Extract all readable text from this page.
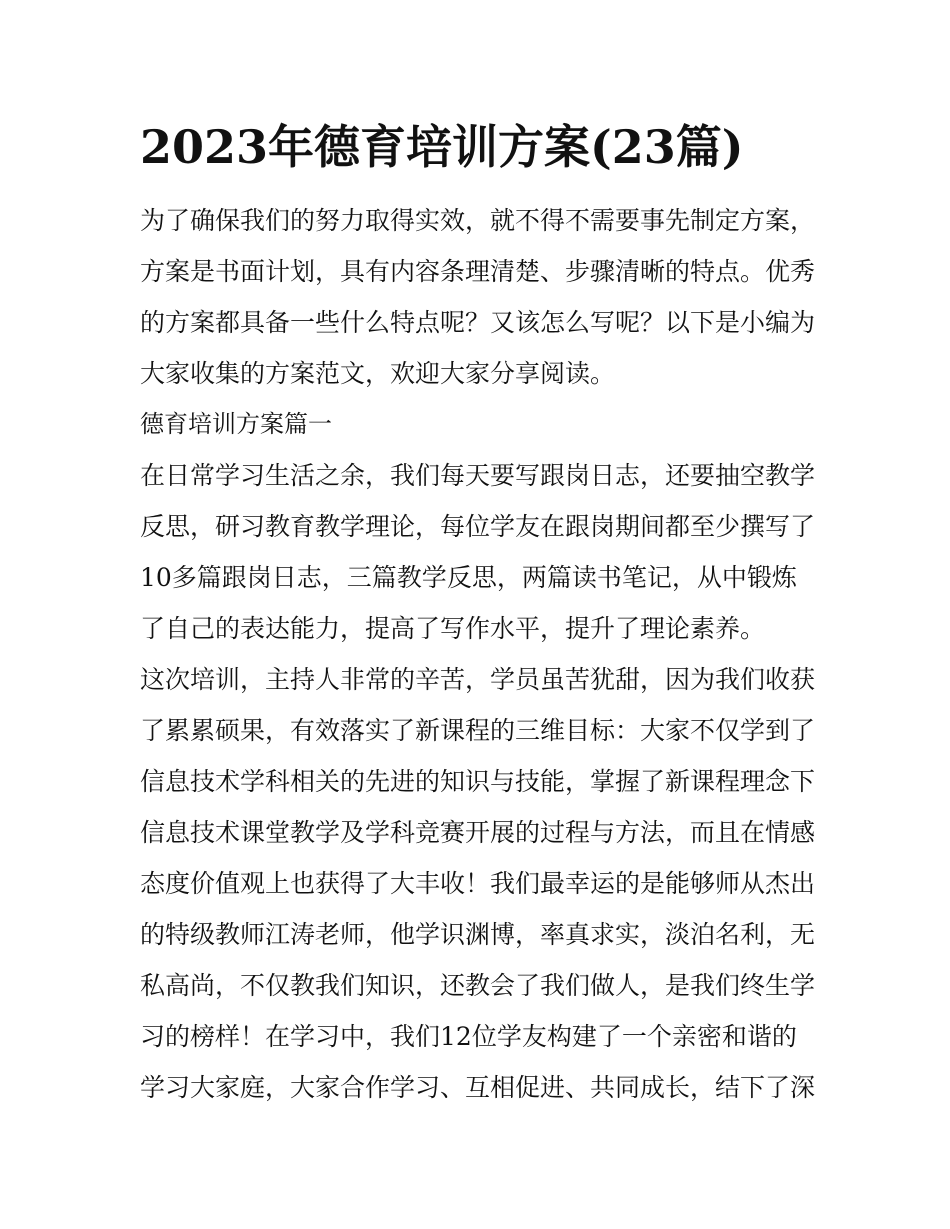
2023年德育培训方案(23篇)
为了确保我们的努力取得实效，就不得不需要事先制定方案，
方案是书面计划，具有内容条理清楚、步骤清晰的特点。优秀
的方案都具备一些什么特点呢？又该怎么写呢？以下是小编为
大家收集的方案范文，欢迎大家分享阅读。
德育培训方案篇一
在日常学习生活之余，我们每天要写跟岗日志，还要抽空教学
反思，研习教育教学理论，每位学友在跟岗期间都至少撰写了
10多篇跟岗日志，三篇教学反思，两篇读书笔记，从中锻炼
了自己的表达能力，提高了写作水平，提升了理论素养。
这次培训，主持人非常的辛苦，学员虽苦犹甜，因为我们收获
了累累硕果，有效落实了新课程的三维目标：大家不仅学到了
信息技术学科相关的先进的知识与技能，掌握了新课程理念下
信息技术课堂教学及学科竞赛开展的过程与方法，而且在情感
态度价值观上也获得了大丰收！我们最幸运的是能够师从杰出
的特级教师江涛老师，他学识渊博，率真求实，淡泊名利，无
私高尚，不仅教我们知识，还教会了我们做人，是我们终生学
习的榜样！在学习中，我们12位学友构建了一个亲密和谐的
学习大家庭，大家合作学习、互相促进、共同成长，结下了深
